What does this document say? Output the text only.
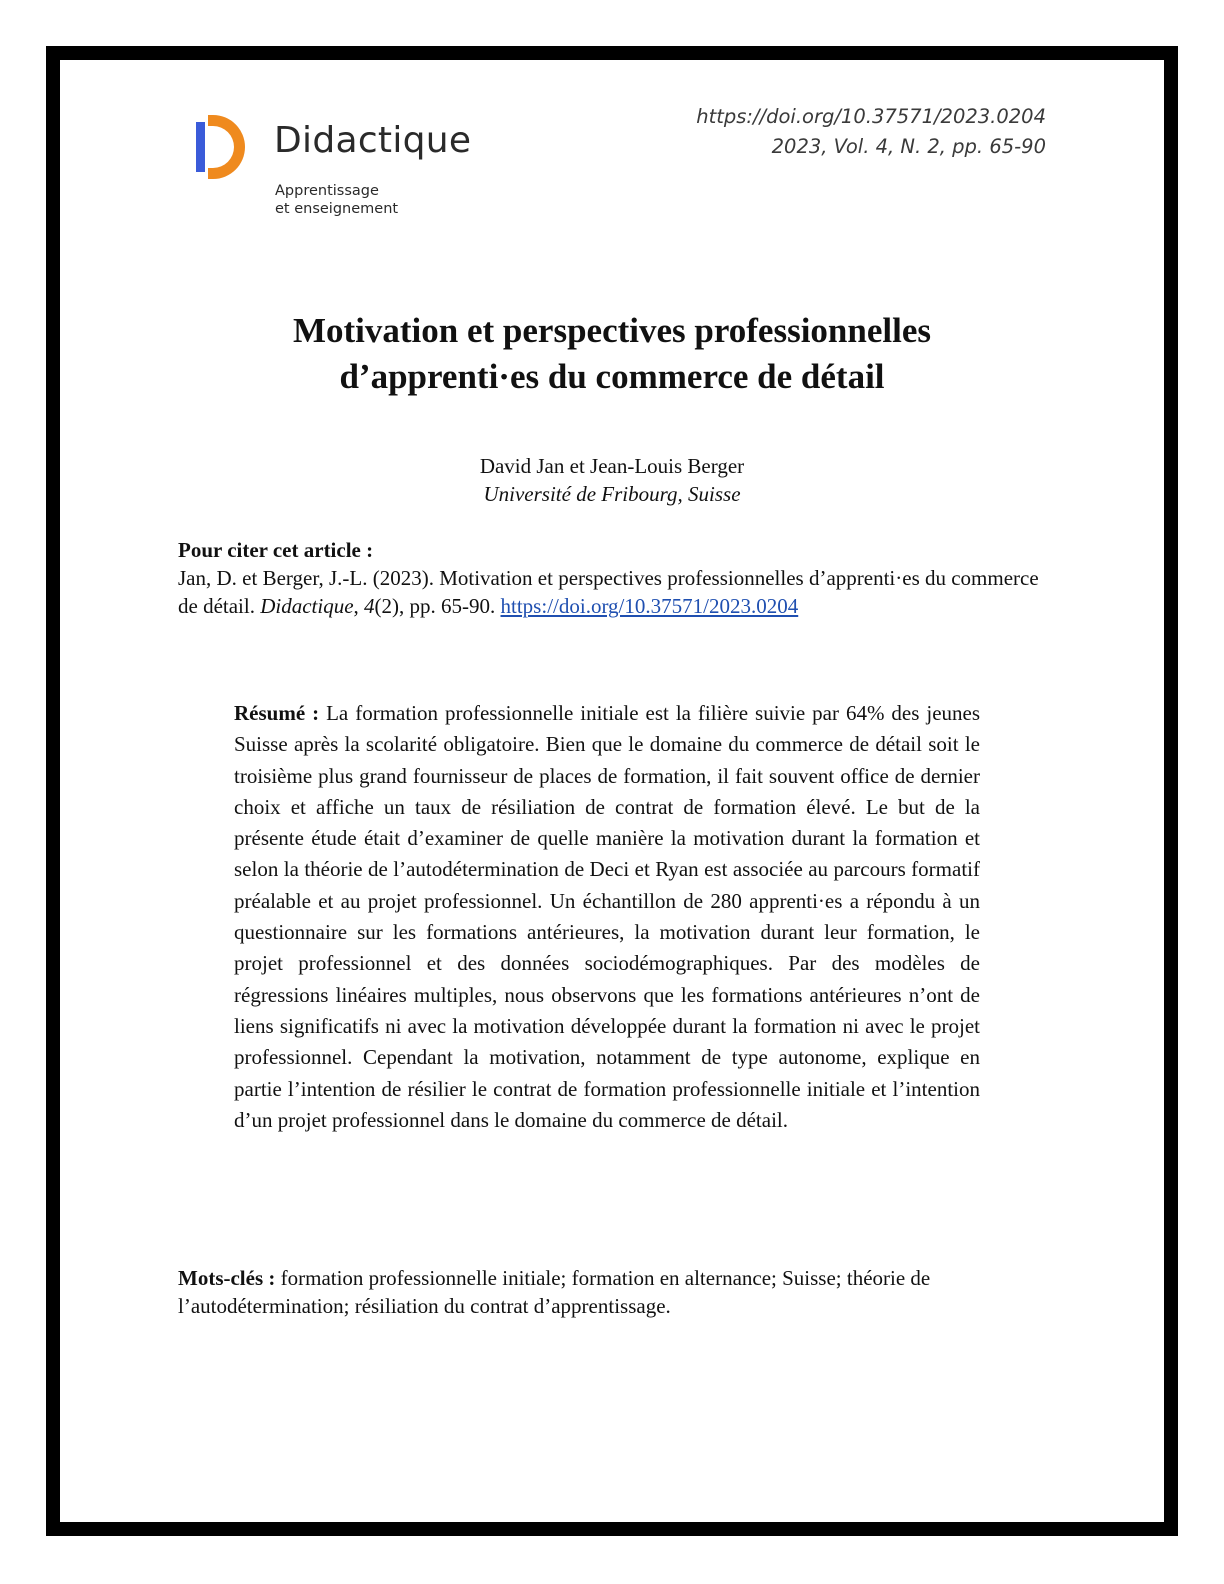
Didactique
Apprentissage
et enseignement
https://doi.org/10.37571/2023.0204
2023, Vol. 4, N. 2, pp. 65-90
Motivation et perspectives professionnelles
d’apprenti·es du commerce de détail
David Jan et Jean-Louis Berger
Université de Fribourg, Suisse
Pour citer cet article :
Jan, D. et Berger, J.-L. (2023). Motivation et perspectives professionnelles d’apprenti·es du commerce de détail. Didactique, 4(2), pp. 65-90. https://doi.org/10.37571/2023.0204
Résumé : La formation professionnelle initiale est la filière suivie par 64% des jeunes Suisse après la scolarité obligatoire. Bien que le domaine du commerce de détail soit le troisième plus grand fournisseur de places de formation, il fait souvent office de dernier choix et affiche un taux de résiliation de contrat de formation élevé. Le but de la présente étude était d’examiner de quelle manière la motivation durant la formation et selon la théorie de l’autodétermination de Deci et Ryan est associée au parcours formatif préalable et au projet professionnel. Un échantillon de 280 apprenti·es a répondu à un questionnaire sur les formations antérieures, la motivation durant leur formation, le projet professionnel et des données sociodémographiques. Par des modèles de régressions linéaires multiples, nous observons que les formations antérieures n’ont de liens significatifs ni avec la motivation développée durant la formation ni avec le projet professionnel. Cependant la motivation, notamment de type autonome, explique en partie l’intention de résilier le contrat de formation professionnelle initiale et l’intention d’un projet professionnel dans le domaine du commerce de détail.
Mots-clés : formation professionnelle initiale; formation en alternance; Suisse; théorie de l’autodétermination; résiliation du contrat d’apprentissage.
